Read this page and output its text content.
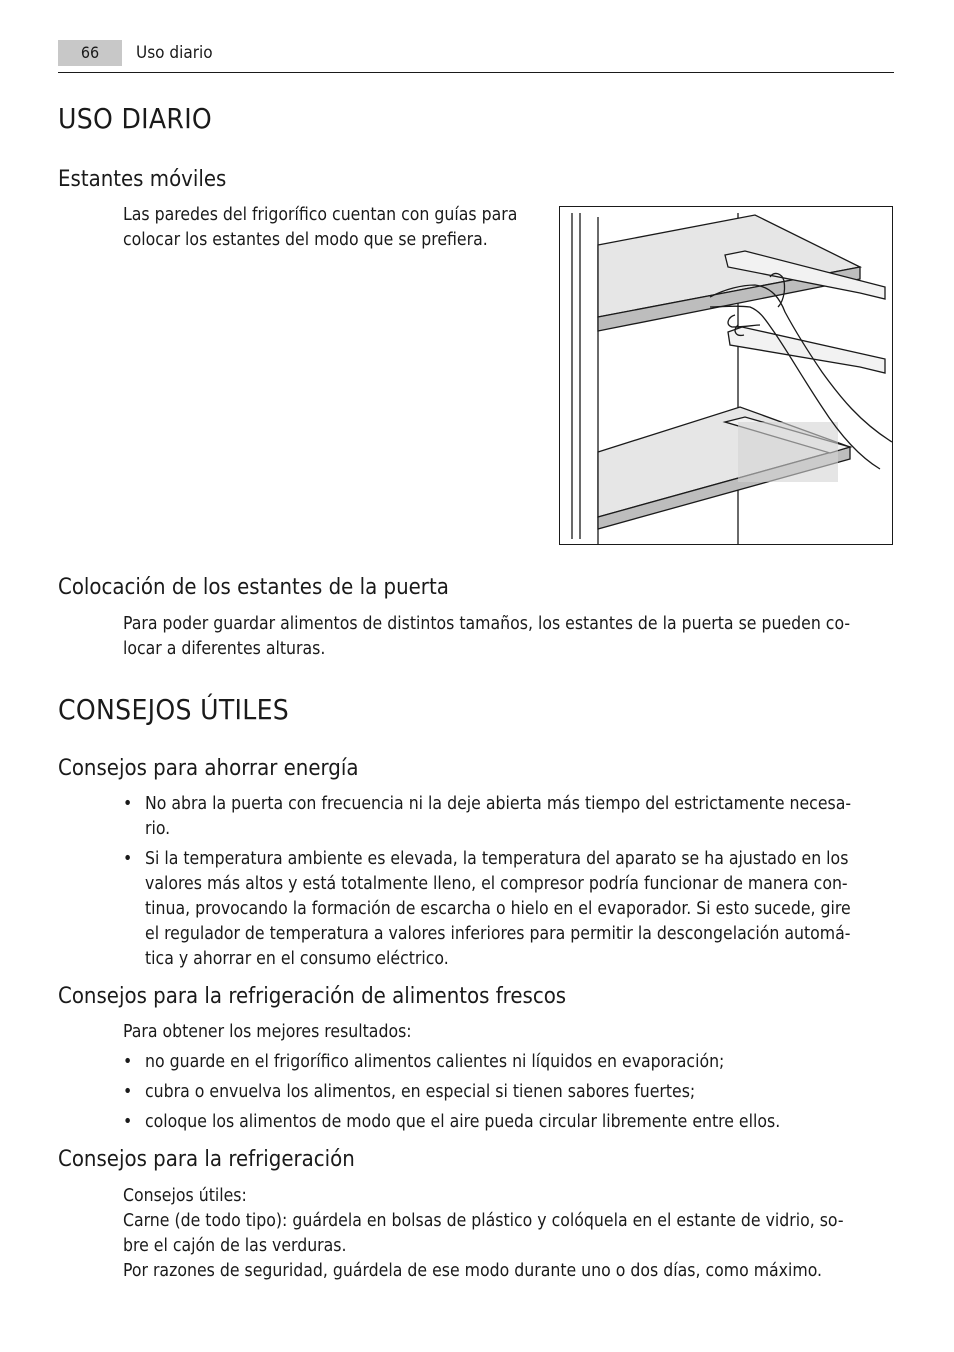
66	Uso diario
USO DIARIO
Estantes móviles

Las paredes del frigorífico cuentan con guías para
colocar los estantes del modo que se prefiera.

Colocación de los estantes de la puerta

Para poder guardar alimentos de distintos tamaños, los estantes de la puerta se pueden co-
locar a diferentes alturas.

CONSEJOS ÚTILES
Consejos para ahorrar energía
• No abra la puerta con frecuencia ni la deje abierta más tiempo del estrictamente necesa-
rio.
• Si la temperatura ambiente es elevada, la temperatura del aparato se ha ajustado en los
valores más altos y está totalmente lleno, el compresor podría funcionar de manera con-
tinua, provocando la formación de escarcha o hielo en el evaporador. Si esto sucede, gire
el regulador de temperatura a valores inferiores para permitir la descongelación automá-
tica y ahorrar en el consumo eléctrico.
Consejos para la refrigeración de alimentos frescos

Para obtener los mejores resultados:

• no guarde en el frigorífico alimentos calientes ni líquidos en evaporación;
• cubra o envuelva los alimentos, en especial si tienen sabores fuertes;
• coloque los alimentos de modo que el aire pueda circular libremente entre ellos.
Consejos para la refrigeración

Consejos útiles:
Carne (de todo tipo): guárdela en bolsas de plástico y colóquela en el estante de vidrio, so-
bre el cajón de las verduras.
Por razones de seguridad, guárdela de ese modo durante uno o dos días, como máximo.
